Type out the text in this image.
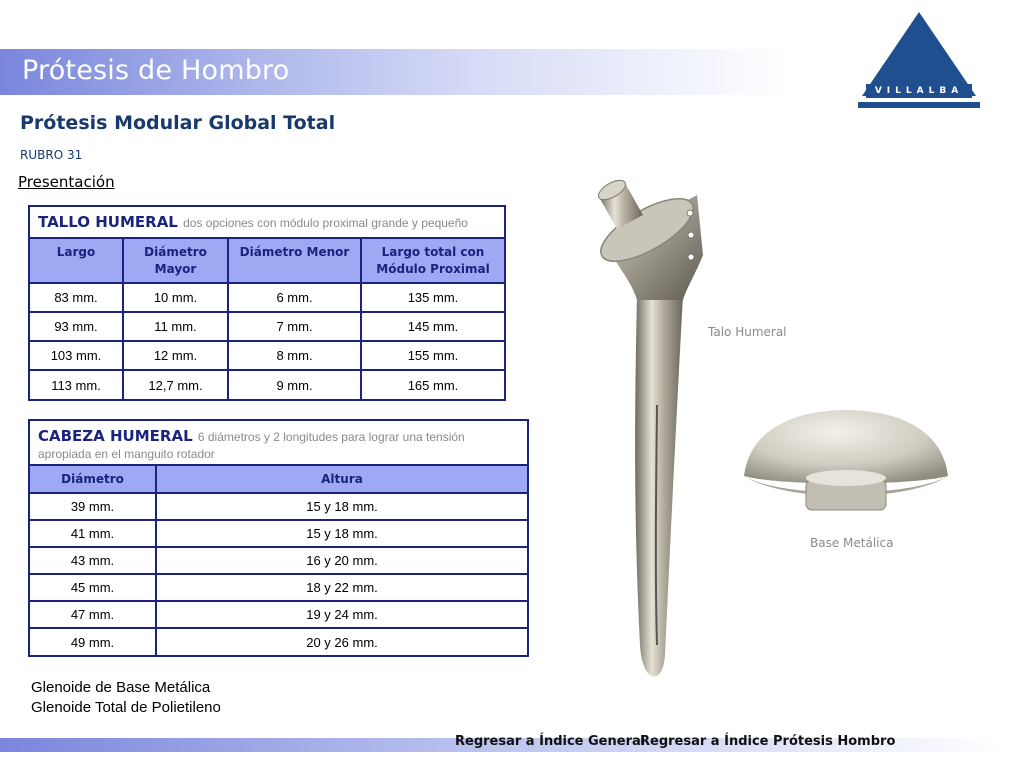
Prótesis de Hombro
VILLALBA
Prótesis Modular Global Total
RUBRO 31
Presentación
TALLO HUMERAL dos opciones con módulo proximal grande y pequeño
Largo	Diámetro Mayor	Diámetro Menor	Largo total con Módulo Proximal
83 mm.	10 mm.	6 mm.	135 mm.
93 mm.	11 mm.	7 mm.	145 mm.
103 mm.	12 mm.	8 mm.	155 mm.
113 mm.	12,7 mm.	9 mm.	165 mm.
CABEZA HUMERAL 6 diámetros y 2 longitudes para lograr una tensión apropiada en el manguito rotador
Diámetro	Altura
39 mm.	15 y 18 mm.
41 mm.	15 y 18 mm.
43 mm.	16 y 20 mm.
45 mm.	18 y 22 mm.
47 mm.	19 y 24 mm.
49 mm.	20 y 26 mm.
Glenoide de Base Metálica
Glenoide Total de Polietileno
Talo Humeral
Base Metálica
Regresar a Índice General
Regresar a Índice Prótesis Hombro
